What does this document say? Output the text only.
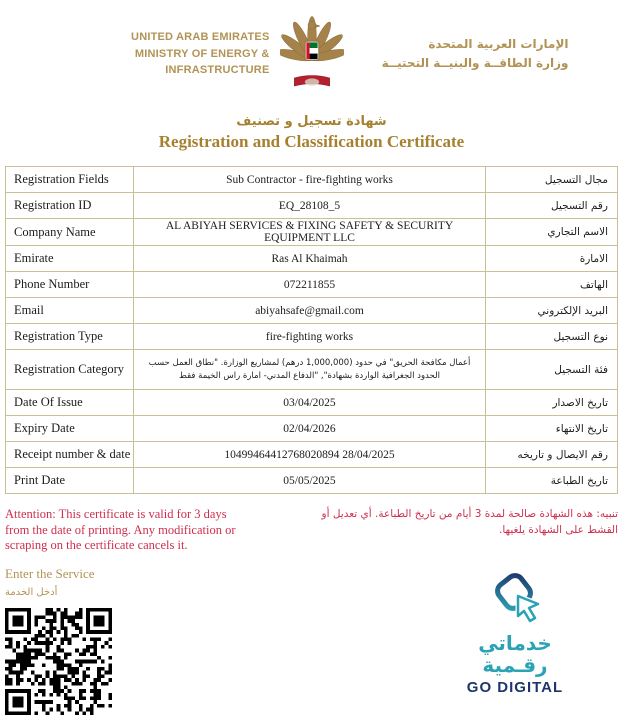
UNITED ARAB EMIRATES
MINISTRY OF ENERGY & INFRASTRUCTURE
الإمارات العربية المتحدة
وزارة الطاقــة والبنيــة التحتيــة
شهادة تسجيل و تصنيف
Registration and Classification Certificate
Registration Fields	Sub Contractor - fire-fighting works	مجال التسجيل
Registration ID	EQ_28108_5	رقم التسجيل
Company Name	AL ABIYAH SERVICES & FIXING SAFETY & SECURITY EQUIPMENT LLC	الاسم التجاري
Emirate	Ras Al Khaimah	الامارة
Phone Number	072211855	الهاتف
Email	abiyahsafe@gmail.com	البريد الإلكتروني
Registration Type	fire-fighting works	نوع التسجيل
Registration Category	أعمال مكافحة الحريق" في حدود (1,000,000 درهم) لمشاريع الوزارة. "نطاق العمل حسب الحدود الجغرافية الواردة بشهادة", "الدفاع المدني- امارة راس الخيمة فقط	فئة التسجيل
Date Of Issue	03/04/2025	تاريخ الاصدار
Expiry Date	02/04/2026	تاريخ الانتهاء
Receipt number & date	10499464412768020894 28/04/2025	رقم الايصال و تاريخه
Print Date	05/05/2025	تاريخ الطباعة
Attention: This certificate is valid for 3 days from the date of printing. Any modification or scraping on the certificate cancels it.
تنبيه: هذه الشهادة صالحة لمدة 3 أيام من تاريخ الطباعة. أي تعديل أو القشط على الشهادة يلغيها.
Enter the Service
أدخل الخدمة
خدماتي
رقـمية
GO DIGITAL
